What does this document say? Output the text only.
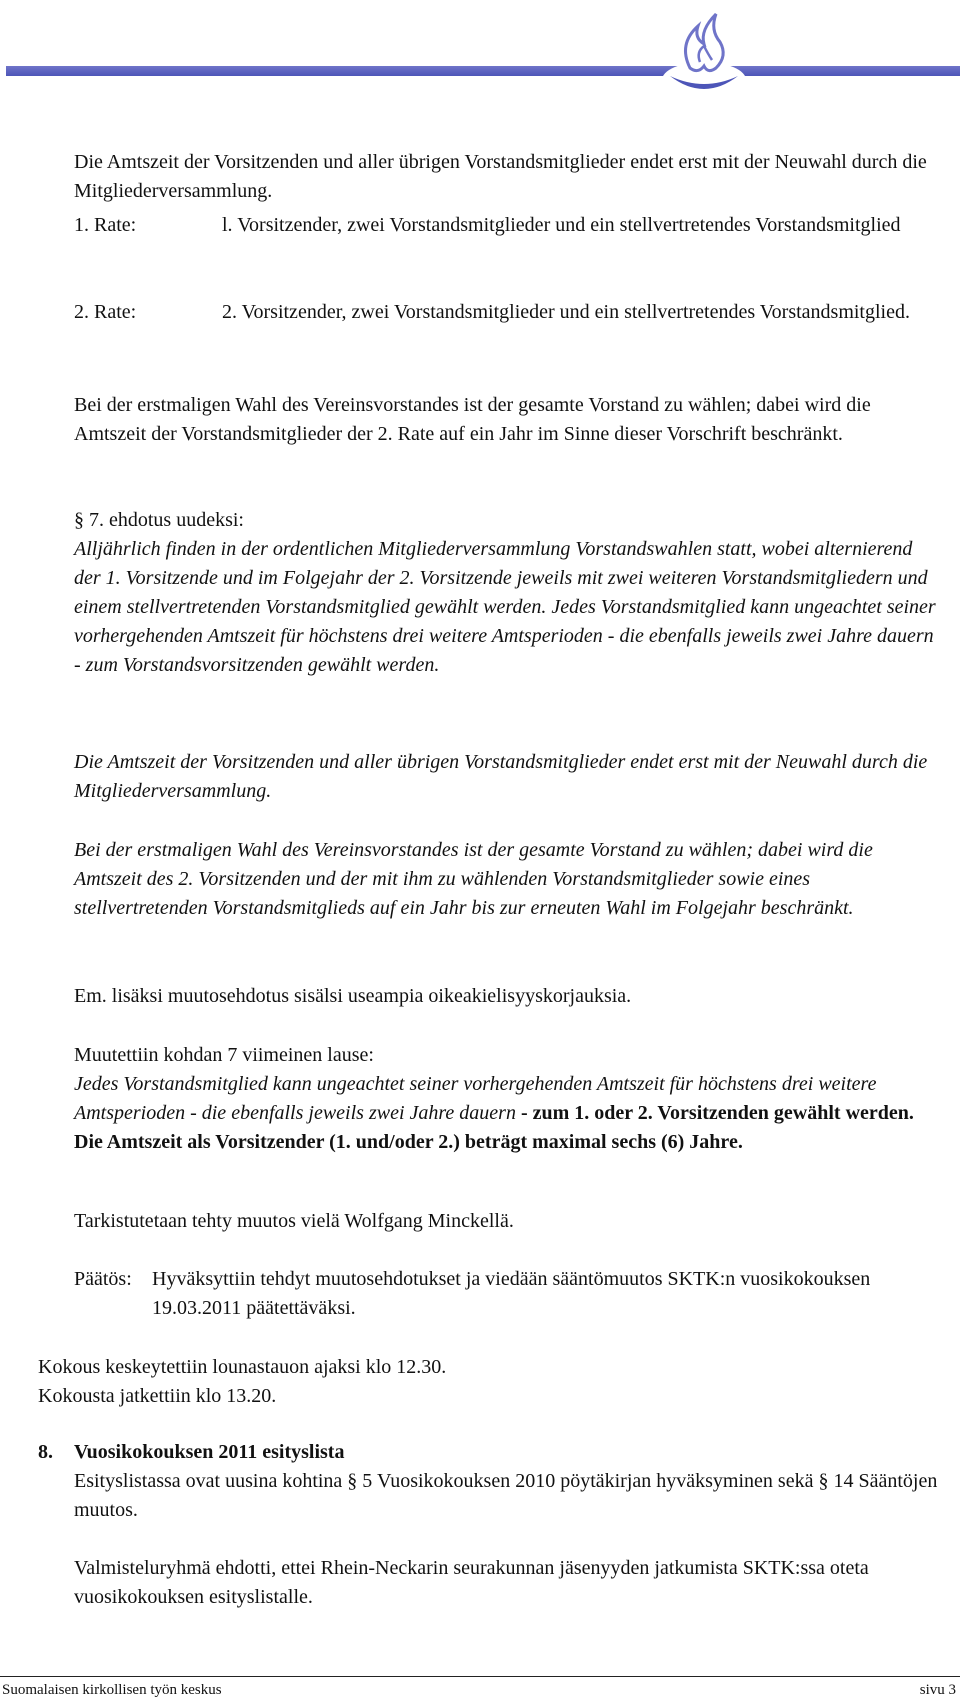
Die Amtszeit der Vorsitzenden und aller übrigen Vorstandsmitglieder endet erst mit der Neuwahl durch die Mitgliederversammlung.

1. Rate:	l. Vorsitzender, zwei Vorstandsmitglieder und ein stellvertretendes Vorstandsmitglied
2. Rate:	2. Vorsitzender, zwei Vorstandsmitglieder und ein stellvertretendes Vorstandsmitglied.

Bei der erstmaligen Wahl des Vereinsvorstandes ist der gesamte Vorstand zu wählen; dabei wird die Amtszeit der Vorstandsmitglieder der 2. Rate auf ein Jahr im Sinne dieser Vorschrift beschränkt.

§ 7. ehdotus uudeksi:

Alljährlich finden in der ordentlichen Mitgliederversammlung Vorstandswahlen statt, wobei alternierend der 1. Vorsitzende und im Folgejahr der 2. Vorsitzende jeweils mit zwei weiteren Vorstandsmitgliedern und einem stellvertretenden Vorstandsmitglied gewählt werden. Jedes Vorstandsmitglied kann ungeachtet seiner vorhergehenden Amtszeit für höchstens drei weitere Amtsperioden - die ebenfalls jeweils zwei Jahre dauern - zum Vorstandsvorsitzenden gewählt werden.

Die Amtszeit der Vorsitzenden und aller übrigen Vorstandsmitglieder endet erst mit der Neuwahl durch die Mitgliederversammlung.

Bei der erstmaligen Wahl des Vereinsvorstandes ist der gesamte Vorstand zu wählen; dabei wird die Amtszeit des 2. Vorsitzenden und der mit ihm zu wählenden Vorstandsmitglieder sowie eines stellvertretenden Vorstandsmitglieds auf ein Jahr bis zur erneuten Wahl im Folgejahr beschränkt.

Em. lisäksi muutosehdotus sisälsi useampia oikeakielisyyskorjauksia.

Muutettiin kohdan 7 viimeinen lause:

Jedes Vorstandsmitglied kann ungeachtet seiner vorhergehenden Amtszeit für höchstens drei weitere Amtsperioden - die ebenfalls jeweils zwei Jahre dauern - zum 1. oder 2. Vorsitzenden gewählt werden. Die Amtszeit als Vorsitzender (1. und/oder 2.) beträgt maximal sechs (6) Jahre.

Tarkistutetaan tehty muutos vielä Wolfgang Minckellä.

Päätös: Hyväksyttiin tehdyt muutosehdotukset ja viedään sääntömuutos SKTK:n vuosikokouksen 19.03.2011 päätettäväksi.

Kokous keskeytettiin lounastauon ajaksi klo 12.30.

Kokousta jatkettiin klo 13.20.

8. Vuosikokouksen 2011 esityslista

Esityslistassa ovat uusina kohtina § 5 Vuosikokouksen 2010 pöytäkirjan hyväksyminen sekä § 14 Sääntöjen muutos.

Valmisteluryhmä ehdotti, ettei Rhein-Neckarin seurakunnan jäsenyyden jatkumista SKTK:ssa oteta vuosikokouksen esityslistalle.

Suomalaisen kirkollisen työn keskus	sivu 3
